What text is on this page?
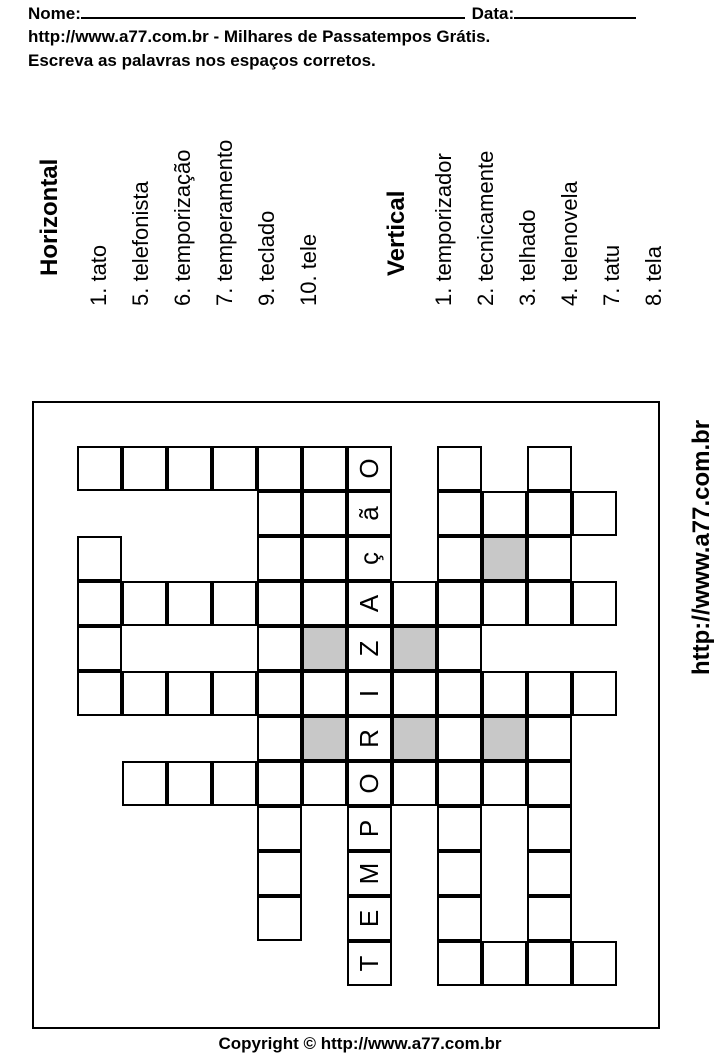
Nome:	Data:
http://www.a77.com.br - Milhares de Passatempos Grátis.
Escreva as palavras nos espaços corretos.
Horizontal 1. tato 5. telefonista 6. temporização 7. temperamento 9. teclado 10. tele	Vertical 1. temporizador 2. tecnicamente 3. telhado 4. telenovela 7. tatu 8. tela
http://www.a77.com.br
T
E
M
P
O
R
I
Z
A
ç
ã
O
Copyright © http://www.a77.com.br
